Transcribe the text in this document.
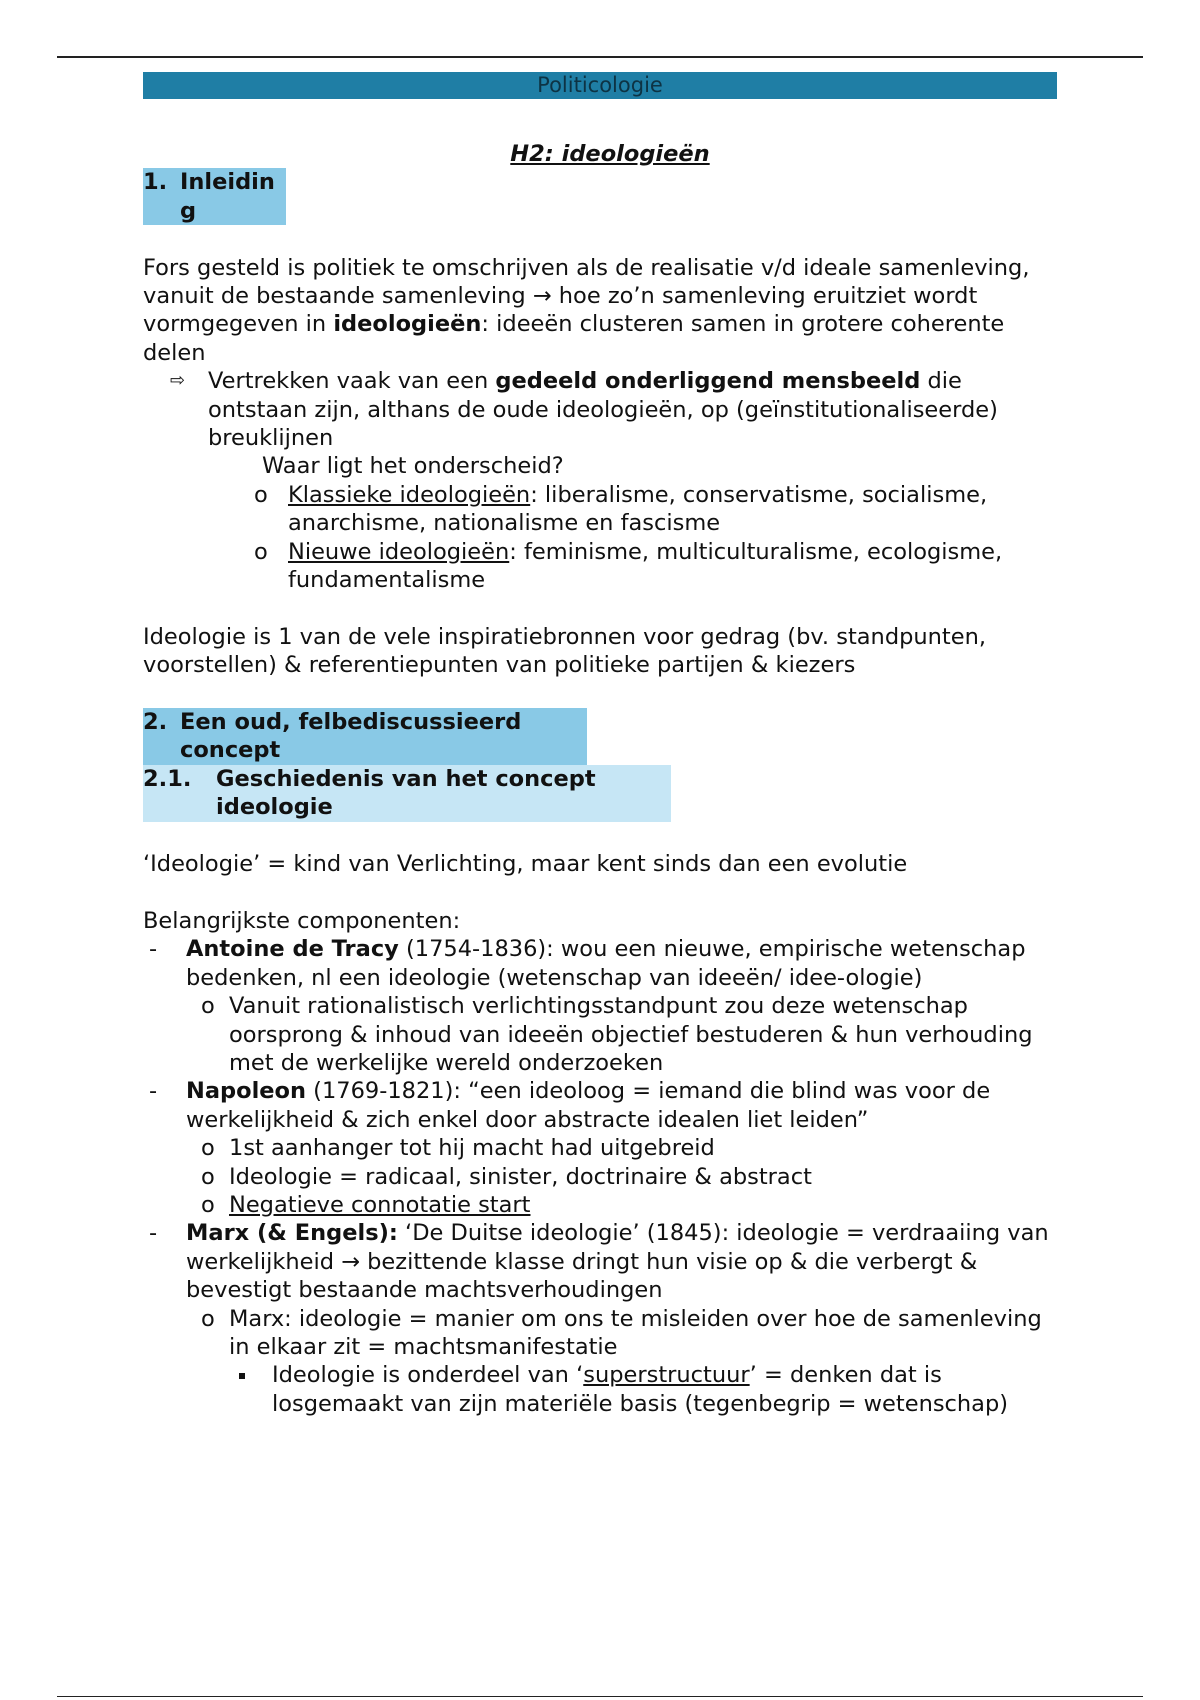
Politicologie

H2: ideologieën

1. Inleidin
g

Fors gesteld is politiek te omschrijven als de realisatie v/d ideale samenleving, vanuit de bestaande samenleving → hoe zo’n samenleving eruitziet wordt vormgegeven in ideologieën: ideeën clusteren samen in grotere coherente delen

⇨ Vertrekken vaak van een gedeeld onderliggend mensbeeld die ontstaan zijn, althans de oude ideologieën, op (geïnstitutionaliseerde) breuklijnen

Waar ligt het onderscheid?

o Klassieke ideologieën: liberalisme, conservatisme, socialisme, anarchisme, nationalisme en fascisme
o Nieuwe ideologieën: feminisme, multiculturalisme, ecologisme, fundamentalisme

Ideologie is 1 van de vele inspiratiebronnen voor gedrag (bv. standpunten, voorstellen) & referentiepunten van politieke partijen & kiezers

2. Een oud, felbediscussieerd
concept
2.1. Geschiedenis van het concept
ideologie

‘Ideologie’ = kind van Verlichting, maar kent sinds dan een evolutie

Belangrijkste componenten:

- Antoine de Tracy (1754-1836): wou een nieuwe, empirische wetenschap bedenken, nl een ideologie (wetenschap van ideeën/ idee-ologie)
o Vanuit rationalistisch verlichtingsstandpunt zou deze wetenschap oorsprong & inhoud van ideeën objectief bestuderen & hun verhouding met de werkelijke wereld onderzoeken
- Napoleon (1769-1821): “een ideoloog = iemand die blind was voor de werkelijkheid & zich enkel door abstracte idealen liet leiden”
o 1st aanhanger tot hij macht had uitgebreid
o Ideologie = radicaal, sinister, doctrinaire & abstract
o Negatieve connotatie start
- Marx (& Engels): ‘De Duitse ideologie’ (1845): ideologie = verdraaiing van werkelijkheid → bezittende klasse dringt hun visie op & die verbergt & bevestigt bestaande machtsverhoudingen
o Marx: ideologie = manier om ons te misleiden over hoe de samenleving in elkaar zit = machtsmanifestatie
Ideologie is onderdeel van ‘superstructuur’ = denken dat is losgemaakt van zijn materiële basis (tegenbegrip = wetenschap)
